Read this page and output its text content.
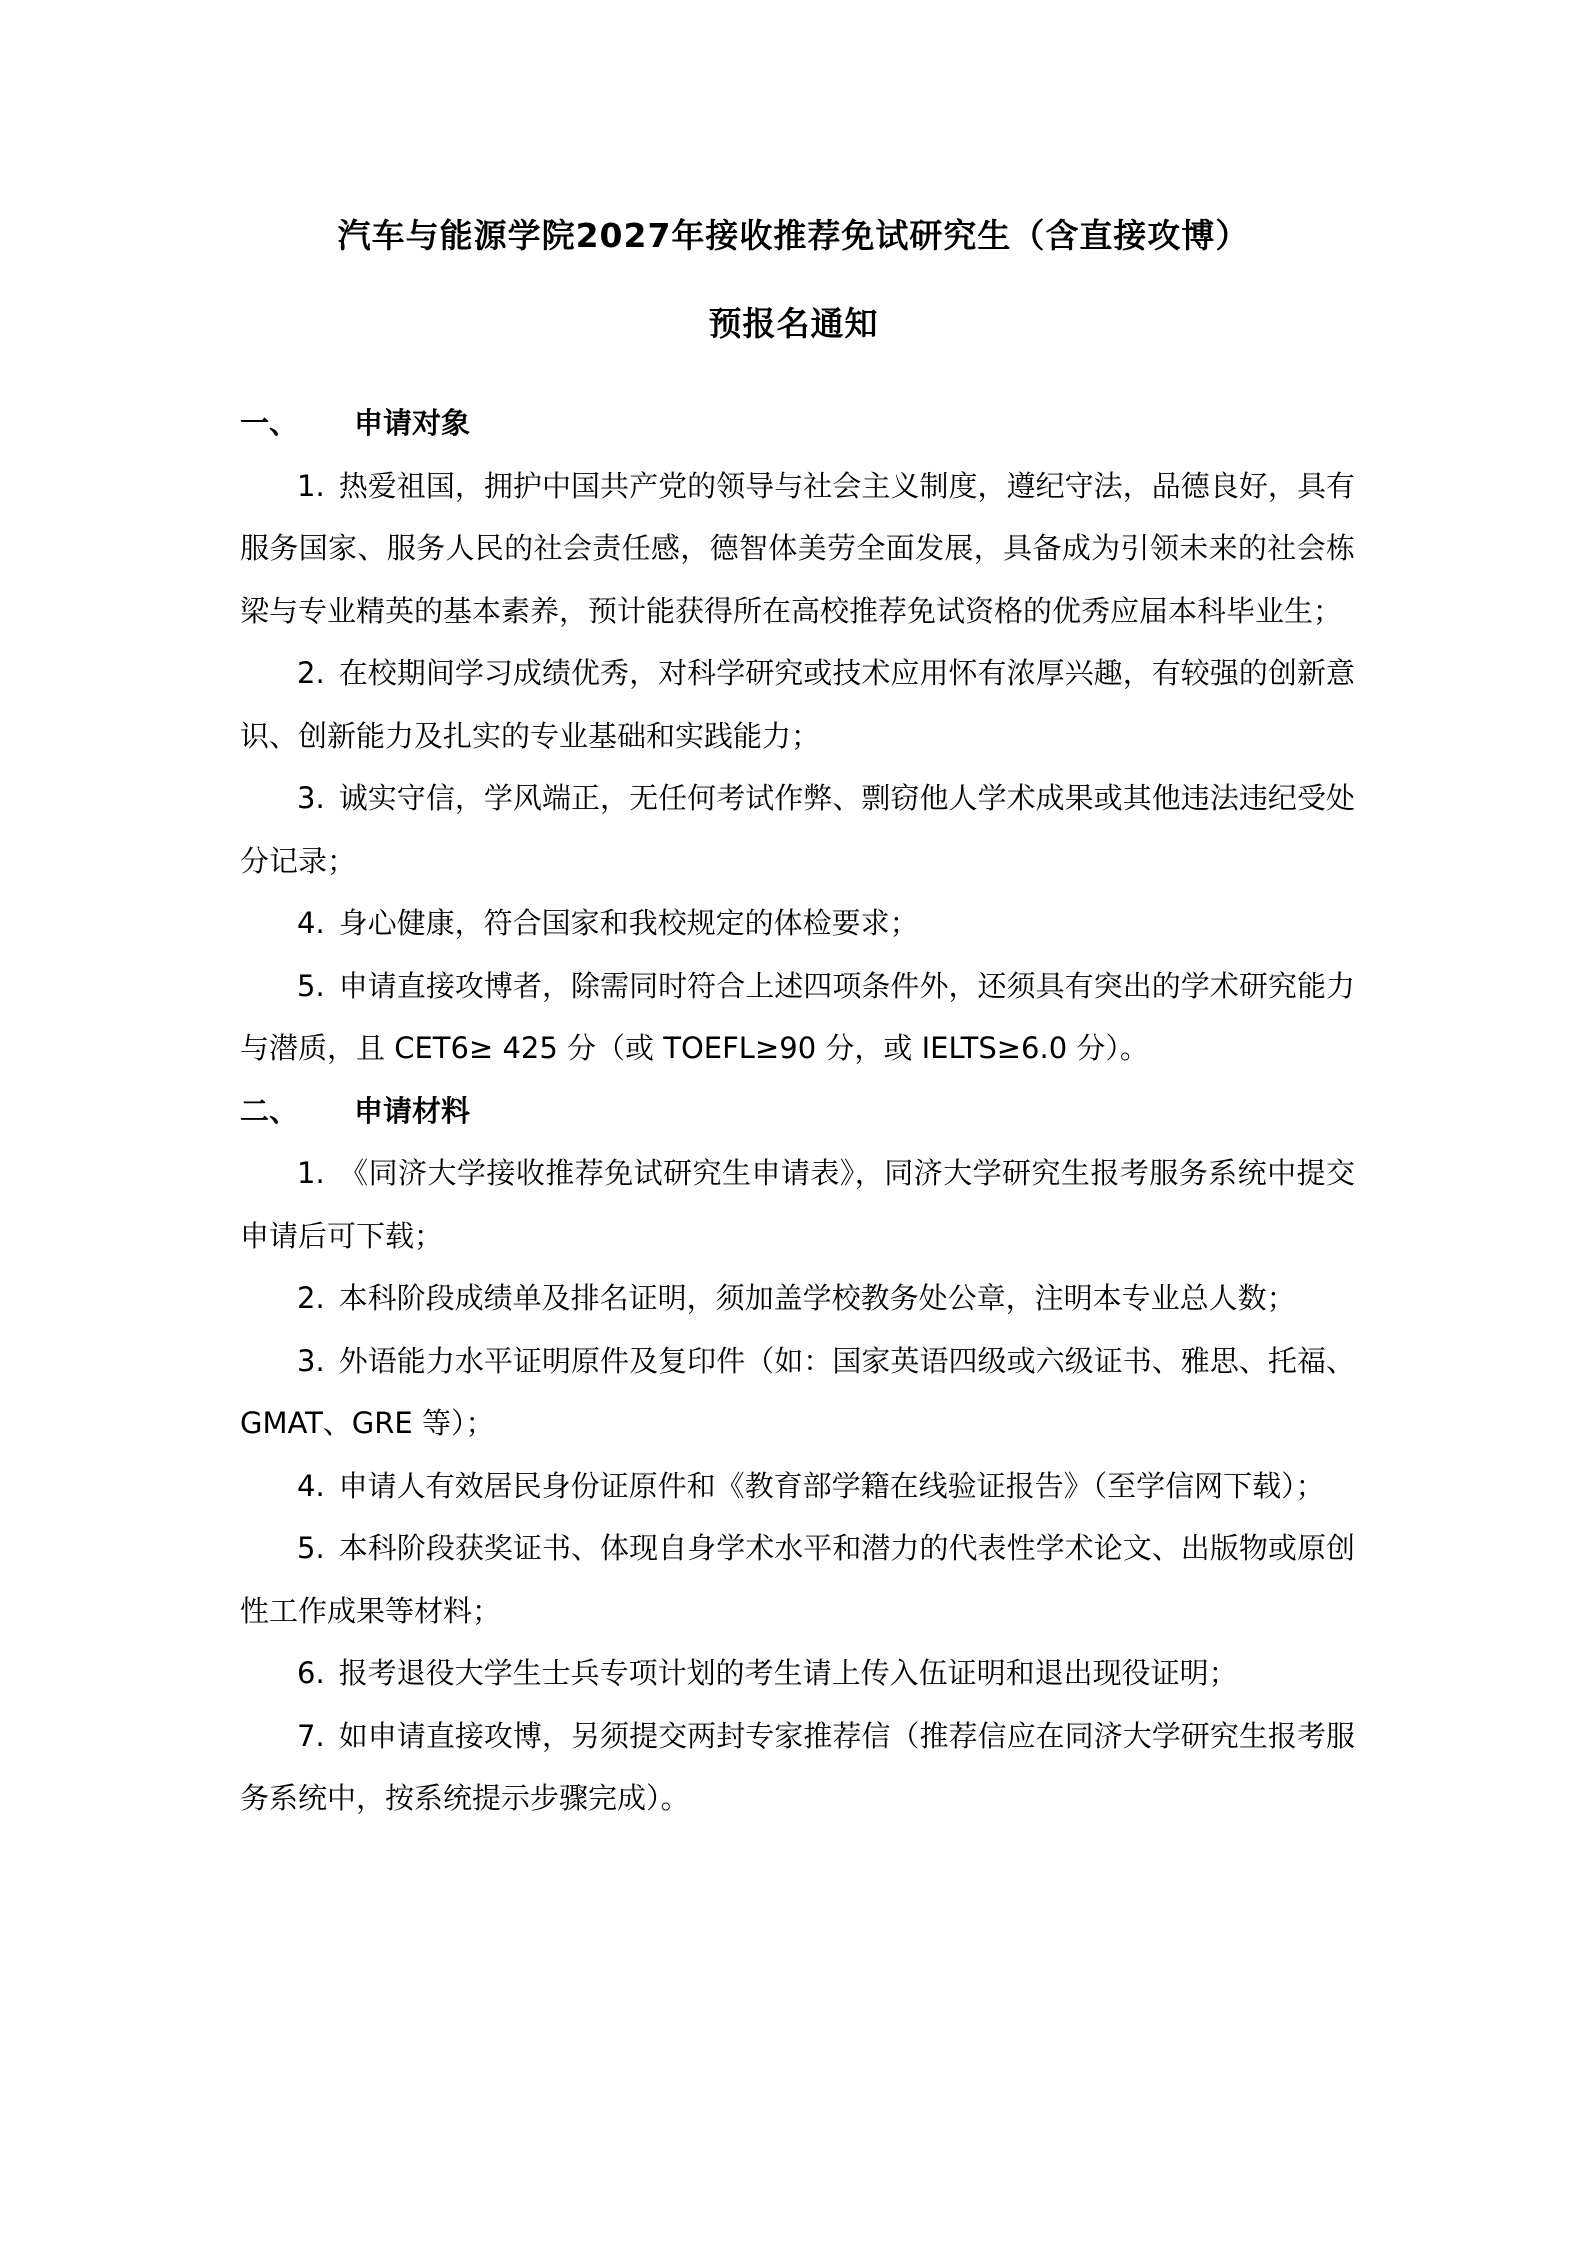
汽车与能源学院2027年接收推荐免试研究生（含直接攻博）
预报名通知
一、 申请对象
1. 热爱祖国，拥护中国共产党的领导与社会主义制度，遵纪守法，品德良好，具有服务国家、服务人民的社会责任感，德智体美劳全面发展，具备成为引领未来的社会栋梁与专业精英的基本素养，预计能获得所在高校推荐免试资格的优秀应届本科毕业生；
2. 在校期间学习成绩优秀，对科学研究或技术应用怀有浓厚兴趣，有较强的创新意识、创新能力及扎实的专业基础和实践能力；
3. 诚实守信，学风端正，无任何考试作弊、剽窃他人学术成果或其他违法违纪受处分记录；
4. 身心健康，符合国家和我校规定的体检要求；
5. 申请直接攻博者，除需同时符合上述四项条件外，还须具有突出的学术研究能力与潜质，且 CET6≥ 425 分（或 TOEFL≥90 分，或 IELTS≥6.0 分）。
二、 申请材料
1. 《同济大学接收推荐免试研究生申请表》，同济大学研究生报考服务系统中提交申请后可下载；
2. 本科阶段成绩单及排名证明，须加盖学校教务处公章，注明本专业总人数；
3. 外语能力水平证明原件及复印件（如：国家英语四级或六级证书、雅思、托福、GMAT、GRE 等）；
4. 申请人有效居民身份证原件和《教育部学籍在线验证报告》（至学信网下载）；
5. 本科阶段获奖证书、体现自身学术水平和潜力的代表性学术论文、出版物或原创性工作成果等材料；
6. 报考退役大学生士兵专项计划的考生请上传入伍证明和退出现役证明；
7. 如申请直接攻博，另须提交两封专家推荐信（推荐信应在同济大学研究生报考服务系统中，按系统提示步骤完成）。
